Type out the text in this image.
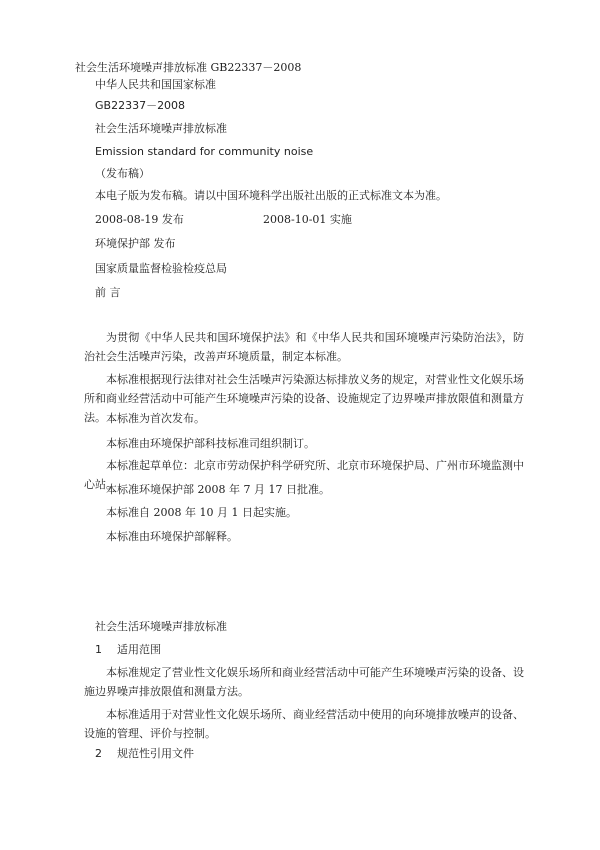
社会生活环境噪声排放标准 GB22337－2008
中华人民共和国国家标准
GB22337－2008
社会生活环境噪声排放标准
Emission standard for community noise
（发布稿）
本电子版为发布稿。请以中国环境科学出版社出版的正式标准文本为准。
2008-08-19 发布	2008-10-01 实施
环境保护部 发布
国家质量监督检验检疫总局
前 言
为贯彻《中华人民共和国环境保护法》和《中华人民共和国环境噪声污染防治法》，防治社会生活噪声污染，改善声环境质量，制定本标准。
本标准根据现行法律对社会生活噪声污染源达标排放义务的规定，对营业性文化娱乐场所和商业经营活动中可能产生环境噪声污染的设备、设施规定了边界噪声排放限值和测量方法。 本标准为首次发布。
本标准由环境保护部科技标准司组织制订。
本标准起草单位：北京市劳动保护科学研究所、北京市环境保护局、广州市环境监测中心站。
本标准环境保护部 2008 年 7 月 17 日批准。
本标准自 2008 年 10 月 1 日起实施。
本标准由环境保护部解释。
社会生活环境噪声排放标准
1 适用范围
本标准规定了营业性文化娱乐场所和商业经营活动中可能产生环境噪声污染的设备、设施边界噪声排放限值和测量方法。
本标准适用于对营业性文化娱乐场所、商业经营活动中使用的向环境排放噪声的设备、设施的管理、评价与控制。
2 规范性引用文件
